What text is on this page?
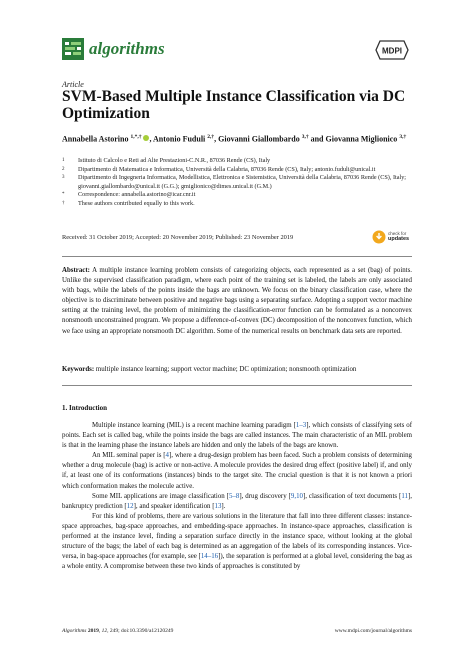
algorithms	MDPI
Article
SVM-Based Multiple Instance Classification via DC Optimization
Annabella Astorino $^{1,*,\dagger}$ , Antonio Fuduli $^{2,\dagger}$, Giovanni Giallombardo $^{3,\dagger}$ and Giovanna Miglionico $^{3,\dagger}$
1	Istituto di Calcolo e Reti ad Alte Prestazioni-C.N.R., 87036 Rende (CS), Italy
2	Dipartimento di Matematica e Informatica, Università della Calabria, 87036 Rende (CS), Italy; antonio.fuduli@unical.it
3	Dipartimento di Ingegneria Informatica, Modellistica, Elettronica e Sistemistica, Università della Calabria, 87036 Rende (CS), Italy; giovanni.giallombardo@unical.it (G.G.); gmiglionico@dimes.unical.it (G.M.)
*	Correspondence: annabella.astorino@icar.cnr.it
†	These authors contributed equally to this work.
Received: 31 October 2019; Accepted: 20 November 2019; Published: 23 November 2019
check for
updates

Abstract: A multiple instance learning problem consists of categorizing objects, each represented as a set (bag) of points. Unlike the supervised classification paradigm, where each point of the training set is labeled, the labels are only associated with bags, while the labels of the points inside the bags are unknown. We focus on the binary classification case, where the objective is to discriminate between positive and negative bags using a separating surface. Adopting a support vector machine setting at the training level, the problem of minimizing the classification-error function can be formulated as a nonconvex nonsmooth unconstrained program. We propose a difference-of-convex (DC) decomposition of the nonconvex function, which we face using an appropriate nonsmooth DC algorithm. Some of the numerical results on benchmark data sets are reported.

Keywords: multiple instance learning; support vector machine; DC optimization; nonsmooth optimization

1. Introduction

Multiple instance learning (MIL) is a recent machine learning paradigm [1–3], which consists of classifying sets of points. Each set is called bag, while the points inside the bags are called instances. The main characteristic of an MIL problem is that in the learning phase the instance labels are hidden and only the labels of the bags are known.

An MIL seminal paper is [4], where a drug-design problem has been faced. Such a problem consists of determining whether a drug molecule (bag) is active or non-active. A molecule provides the desired drug effect (positive label) if, and only if, at least one of its conformations (instances) binds to the target site. The crucial question is that it is not known a priori which conformation makes the molecule active.

Some MIL applications are image classification [5–8], drug discovery [9,10], classification of text documents [11], bankruptcy prediction [12], and speaker identification [13].

For this kind of problems, there are various solutions in the literature that fall into three different classes: instance-space approaches, bag-space approaches, and embedding-space approaches. In instance-space approaches, classification is performed at the instance level, finding a separation surface directly in the instance space, without looking at the global structure of the bags; the label of each bag is determined as an aggregation of the labels of its corresponding instances. Vice-versa, in bag-space approaches (for example, see [14–16]), the separation is performed at a global level, considering the bag as a whole entity. A compromise between these two kinds of approaches is constituted by

Algorithms 2019, 12, 249; doi:10.3390/a12120249	www.mdpi.com/journal/algorithms
